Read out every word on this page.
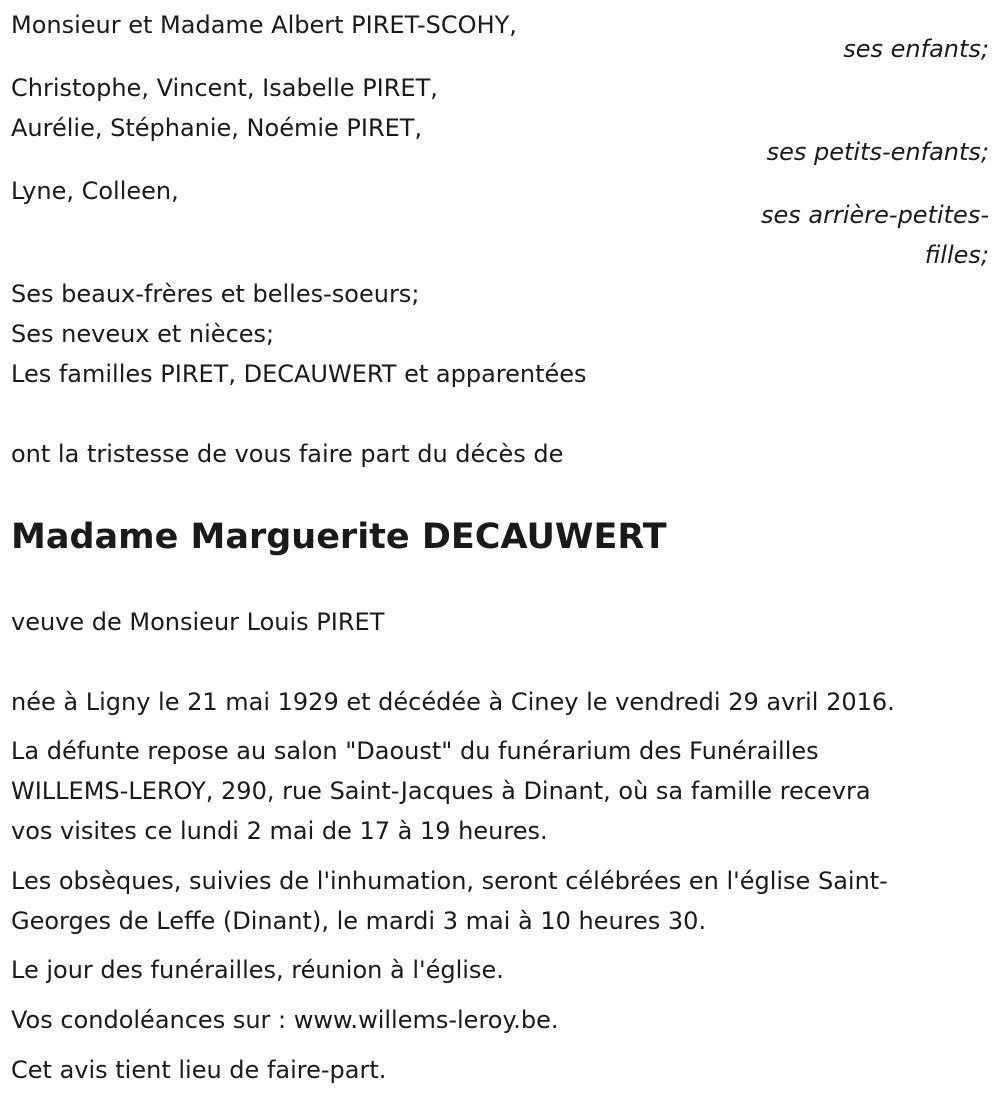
Monsieur et Madame Albert PIRET-SCOHY,
ses enfants;
Christophe, Vincent, Isabelle PIRET,
Aurélie, Stéphanie, Noémie PIRET,
ses petits-enfants;
Lyne, Colleen,
ses arrière-petites-
filles;
Ses beaux-frères et belles-soeurs;
Ses neveux et nièces;
Les familles PIRET, DECAUWERT et apparentées
ont la tristesse de vous faire part du décès de
Madame Marguerite DECAUWERT
veuve de Monsieur Louis PIRET
née à Ligny le 21 mai 1929 et décédée à Ciney le vendredi 29 avril 2016.
La défunte repose au salon "Daoust" du funérarium des Funérailles
WILLEMS-LEROY, 290, rue Saint-Jacques à Dinant, où sa famille recevra
vos visites ce lundi 2 mai de 17 à 19 heures.
Les obsèques, suivies de l'inhumation, seront célébrées en l'église Saint-
Georges de Leffe (Dinant), le mardi 3 mai à 10 heures 30.
Le jour des funérailles, réunion à l'église.
Vos condoléances sur : www.willems-leroy.be.
Cet avis tient lieu de faire-part.
